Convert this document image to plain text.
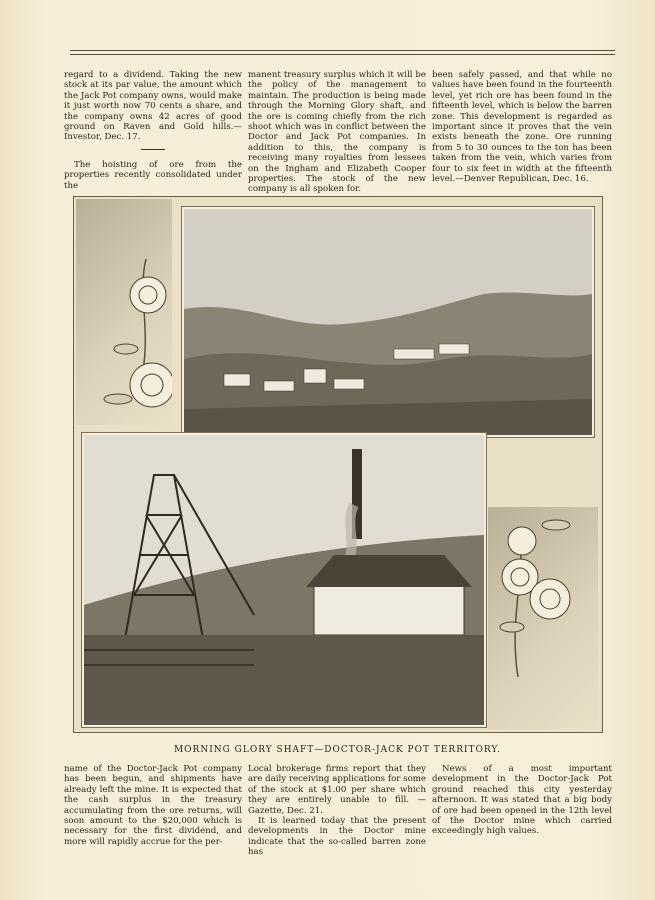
regard to a dividend. Taking the new stock at its par value, the amount which the Jack Pot company owns, would make it just worth now 70 cents a share, and the company owns 42 acres of good ground on Raven and Gold hills.—Investor, Dec. 17.

The hoisting of ore from the properties recently consolidated under the

manent treasury surplus which it will be the policy of the management to maintain. The production is being made through the Morning Glory shaft, and the ore is coming chiefly from the rich shoot which was in conflict between the Doctor and Jack Pot companies. In addition to this, the company is receiving many royalties from lessees on the Ingham and Elizabeth Cooper properties. The stock of the new company is all spoken for.

been safely passed, and that while no values have been found in the fourteenth level, yet rich ore has been found in the fifteenth level, which is below the barren zone. This development is regarded as important since it proves that the vein exists beneath the zone. Ore running from 5 to 30 ounces to the ton has been taken from the vein, which varies from four to six feet in width at the fifteenth level.—Denver Republican, Dec. 16.

MORNING GLORY SHAFT—DOCTOR-JACK POT TERRITORY.

name of the Doctor-Jack Pot company has been begun, and shipments have already left the mine. It is expected that the cash surplus in the treasury accumulating from the ore returns, will soon amount to the $20,000 which is necessary for the first dividend, and more will rapidly accrue for the per-

Local brokerage firms report that they are daily receiving applications for some of the stock at $1.00 per share which they are entirely unable to fill. —Gazette, Dec. 21.

It is learned today that the present developments in the Doctor mine indicate that the so-called barren zone has

News of a most important development in the Doctor-Jack Pot ground reached this city yesterday afternoon. It was stated that a big body of ore had been opened in the 12th level of the Doctor mine which carried exceedingly high values.
